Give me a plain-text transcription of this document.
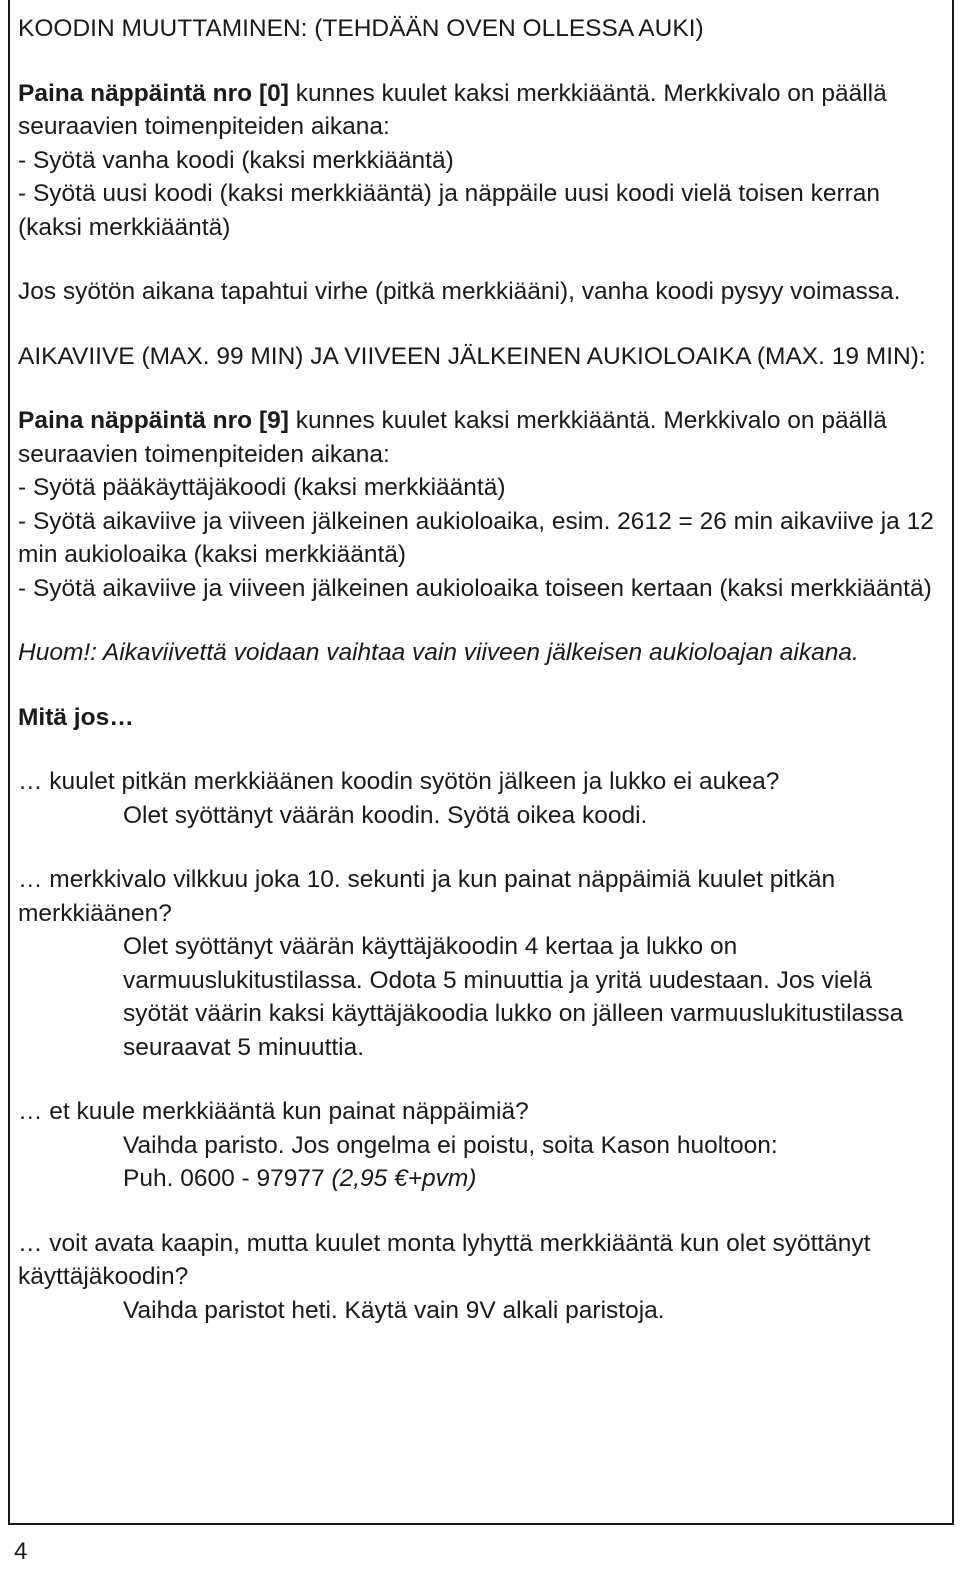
KOODIN MUUTTAMINEN: (TEHDÄÄN OVEN OLLESSA AUKI)

Paina näppäintä nro [0] kunnes kuulet kaksi merkkiääntä. Merkkivalo on päällä seuraavien toimenpiteiden aikana:

- Syötä vanha koodi (kaksi merkkiääntä)

- Syötä uusi koodi (kaksi merkkiääntä) ja näppäile uusi koodi vielä toisen kerran (kaksi merkkiääntä)

Jos syötön aikana tapahtui virhe (pitkä merkkiääni), vanha koodi pysyy voimassa.

AIKAVIIVE (MAX. 99 MIN) JA VIIVEEN JÄLKEINEN AUKIOLOAIKA (MAX. 19 MIN):

Paina näppäintä nro [9] kunnes kuulet kaksi merkkiääntä. Merkkivalo on päällä seuraavien toimenpiteiden aikana:

- Syötä pääkäyttäjäkoodi (kaksi merkkiääntä)

- Syötä aikaviive ja viiveen jälkeinen aukioloaika, esim. 2612 = 26 min aikaviive ja 12 min aukioloaika (kaksi merkkiääntä)

- Syötä aikaviive ja viiveen jälkeinen aukioloaika toiseen kertaan (kaksi merkkiääntä)

Huom!: Aikaviivettä voidaan vaihtaa vain viiveen jälkeisen aukioloajan aikana.

Mitä jos…

… kuulet pitkän merkkiäänen koodin syötön jälkeen ja lukko ei aukea?

Olet syöttänyt väärän koodin. Syötä oikea koodi.

… merkkivalo vilkkuu joka 10. sekunti ja kun painat näppäimiä kuulet pitkän merkkiäänen?

Olet syöttänyt väärän käyttäjäkoodin 4 kertaa ja lukko on varmuuslukitustilassa. Odota 5 minuuttia ja yritä uudestaan. Jos vielä syötät väärin kaksi käyttäjäkoodia lukko on jälleen varmuuslukitustilassa seuraavat 5 minuuttia.

… et kuule merkkiääntä kun painat näppäimiä?

Vaihda paristo. Jos ongelma ei poistu, soita Kason huoltoon:

Puh. 0600 - 97977 (2,95 €+pvm)

… voit avata kaapin, mutta kuulet monta lyhyttä merkkiääntä kun olet syöttänyt käyttäjäkoodin?

Vaihda paristot heti. Käytä vain 9V alkali paristoja.

4
